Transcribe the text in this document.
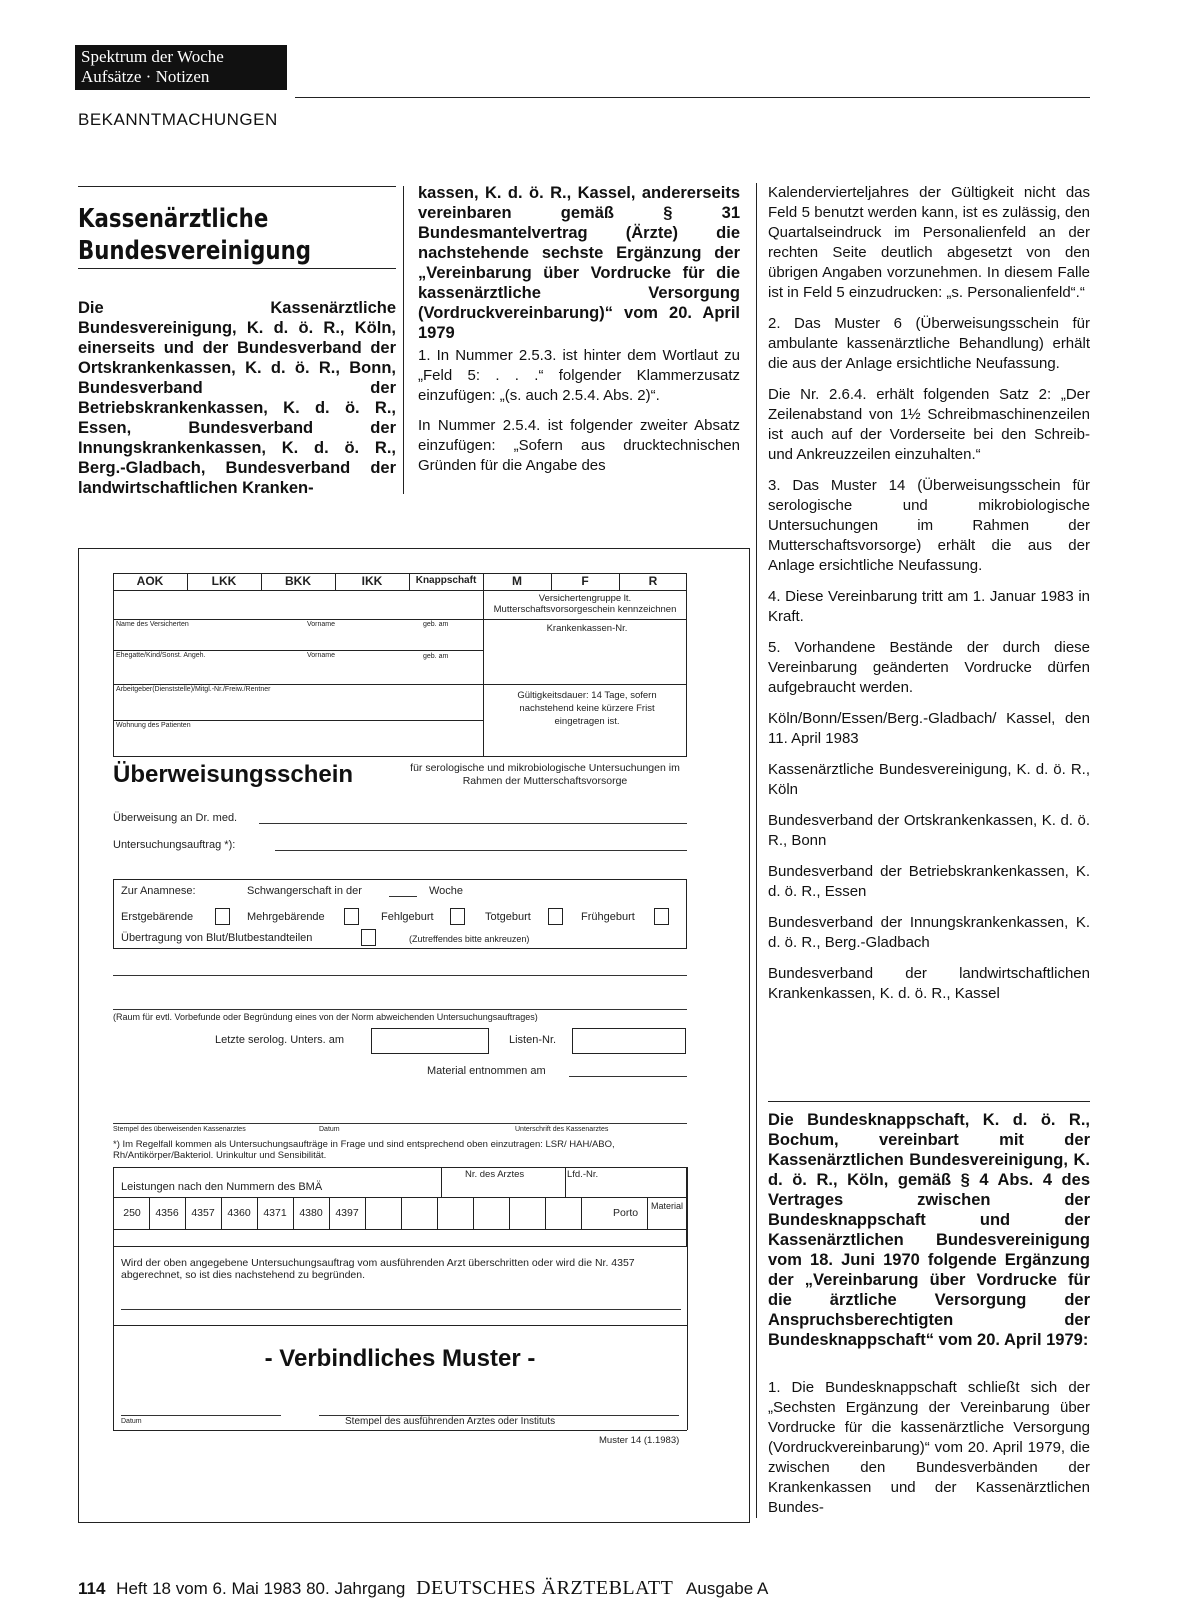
Spektrum der Woche
Aufsätze · Notizen
BEKANNTMACHUNGEN
Kassenärztliche
Bundesvereinigung
Die Kassenärztliche Bundesvereinigung, K. d. ö. R., Köln, einerseits und der Bundesverband der Ortskrankenkassen, K. d. ö. R., Bonn, Bundesverband der Betriebskrankenkassen, K. d. ö. R., Essen, Bundesverband der Innungskrankenkassen, K. d. ö. R., Berg.-Gladbach, Bundesverband der landwirtschaftlichen Kranken-
kassen, K. d. ö. R., Kassel, andererseits vereinbaren gemäß § 31 Bundesmantelvertrag (Ärzte) die nachstehende sechste Ergänzung der „Vereinbarung über Vordrucke für die kassenärztliche Versorgung (Vordruckvereinbarung)“ vom 20. April 1979

1. In Nummer 2.5.3. ist hinter dem Wortlaut zu „Feld 5: . . .“ folgender Klammerzusatz einzufügen: „(s. auch 2.5.4. Abs. 2)“.

In Nummer 2.5.4. ist folgender zweiter Absatz einzufügen: „Sofern aus drucktechnischen Gründen für die Angabe des

Kalendervierteljahres der Gültigkeit nicht das Feld 5 benutzt werden kann, ist es zulässig, den Quartalseindruck im Personalienfeld an der rechten Seite deutlich abgesetzt von den übrigen Angaben vorzunehmen. In diesem Falle ist in Feld 5 einzudrucken: „s. Personalienfeld“.“

2. Das Muster 6 (Überweisungsschein für ambulante kassenärztliche Behandlung) erhält die aus der Anlage ersichtliche Neufassung.

Die Nr. 2.6.4. erhält folgenden Satz 2: „Der Zeilenabstand von 1½ Schreibmaschinenzeilen ist auch auf der Vorderseite bei den Schreib- und Ankreuzzeilen einzuhalten.“

3. Das Muster 14 (Überweisungsschein für serologische und mikrobiologische Untersuchungen im Rahmen der Mutterschaftsvorsorge) erhält die aus der Anlage ersichtliche Neufassung.

4. Diese Vereinbarung tritt am 1. Januar 1983 in Kraft.

5. Vorhandene Bestände der durch diese Vereinbarung geänderten Vordrucke dürfen aufgebraucht werden.

Köln/Bonn/Essen/Berg.-Gladbach/ Kassel, den 11. April 1983

Kassenärztliche Bundesvereinigung, K. d. ö. R., Köln

Bundesverband der Ortskrankenkassen, K. d. ö. R., Bonn

Bundesverband der Betriebskrankenkassen, K. d. ö. R., Essen

Bundesverband der Innungskrankenkassen, K. d. ö. R., Berg.-Gladbach

Bundesverband der landwirtschaftlichen Krankenkassen, K. d. ö. R., Kassel

Die Bundesknappschaft, K. d. ö. R., Bochum, vereinbart mit der Kassenärztlichen Bundesvereinigung, K. d. ö. R., Köln, gemäß § 4 Abs. 4 des Vertrages zwischen der Bundesknappschaft und der Kassenärztlichen Bundesvereinigung vom 18. Juni 1970 folgende Ergänzung der „Vereinbarung über Vordrucke für die ärztliche Versorgung der Anspruchsberechtigten der Bundesknappschaft“ vom 20. April 1979:
1. Die Bundesknappschaft schließt sich der „Sechsten Ergänzung der Vereinbarung über Vordrucke für die kassenärztliche Versorgung (Vordruckvereinbarung)“ vom 20. April 1979, die zwischen den Bundesverbänden der Krankenkassen und der Kassenärztlichen Bundes-
AOK	LKK	BKK	IKK	Knappschaft	M	F	R
Versichertengruppe lt. Mutterschaftsvorsorgeschein kennzeichnen
Krankenkassen-Nr.
Name des Versicherten	Vorname	geb. am
Ehegatte/Kind/Sonst. Angeh.	Vorname	geb. am
Arbeitgeber(Dienststelle)/Mitgl.-Nr./Freiw./Rentner
Gültigkeitsdauer: 14 Tage, sofern nachstehend keine kürzere Frist eingetragen ist.
Wohnung des Patienten
Überweisungsschein	für serologische und mikrobiologische Untersuchungen im Rahmen der Mutterschaftsvorsorge
Überweisung an Dr. med.
Untersuchungsauftrag *):
Zur Anamnese:	Schwangerschaft in der	Woche
Erstgebärende	Mehrgebärende	Fehlgeburt	Totgeburt	Frühgeburt
Übertragung von Blut/Blutbestandteilen	(Zutreffendes bitte ankreuzen)
(Raum für evtl. Vorbefunde oder Begründung eines von der Norm abweichenden Untersuchungsauftrages)
Letzte serolog. Unters. am	Listen-Nr.
Material entnommen am
Stempel des überweisenden Kassenarztes	Datum	Unterschrift des Kassenarztes
*) Im Regelfall kommen als Untersuchungsaufträge in Frage und sind entsprechend oben einzutragen: LSR/ HAH/ABO, Rh/Antikörper/Bakteriol. Urinkultur und Sensibilität.
Nr. des Arztes	Lfd.-Nr.
Leistungen nach den Nummern des BMÄ
250	4356	4357	4360	4371	4380	4397	Porto
Material
Wird der oben angegebene Untersuchungsauftrag vom ausführenden Arzt überschritten oder wird die Nr. 4357 abgerechnet, so ist dies nachstehend zu begründen.
- Verbindliches Muster -
Datum	Stempel des ausführenden Arztes oder Instituts
Muster 14 (1.1983)
114 Heft 18 vom 6. Mai 1983 80. Jahrgang DEUTSCHES ÄRZTEBLATT Ausgabe A
